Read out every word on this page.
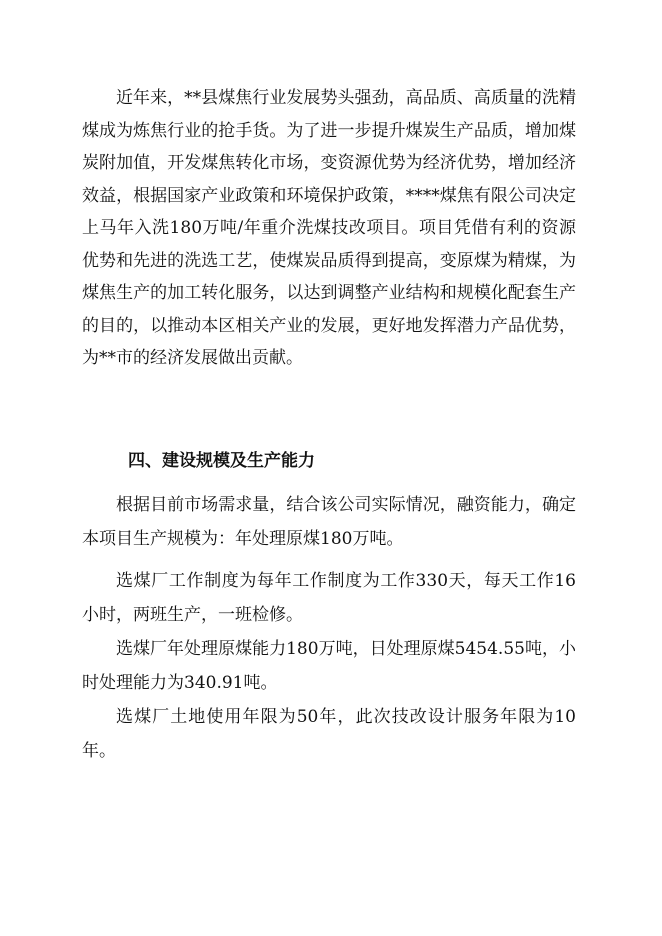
近年来，**县煤焦行业发展势头强劲，高品质、高质量的洗精煤成为炼焦行业的抢手货。为了进一步提升煤炭生产品质，增加煤炭附加值，开发煤焦转化市场，变资源优势为经济优势，增加经济效益，根据国家产业政策和环境保护政策，****煤焦有限公司决定上马年入洗180万吨/年重介洗煤技改项目。项目凭借有利的资源优势和先进的洗选工艺，使煤炭品质得到提高，变原煤为精煤，为煤焦生产的加工转化服务，以达到调整产业结构和规模化配套生产的目的，以推动本区相关产业的发展，更好地发挥潜力产品优势，为**市的经济发展做出贡献。

四、建设规模及生产能力

根据目前市场需求量，结合该公司实际情况，融资能力，确定本项目生产规模为：年处理原煤180万吨。

选煤厂工作制度为每年工作制度为工作330天，每天工作16小时，两班生产，一班检修。

选煤厂年处理原煤能力180万吨，日处理原煤5454.55吨，小时处理能力为340.91吨。

选煤厂土地使用年限为50年，此次技改设计服务年限为10年。
